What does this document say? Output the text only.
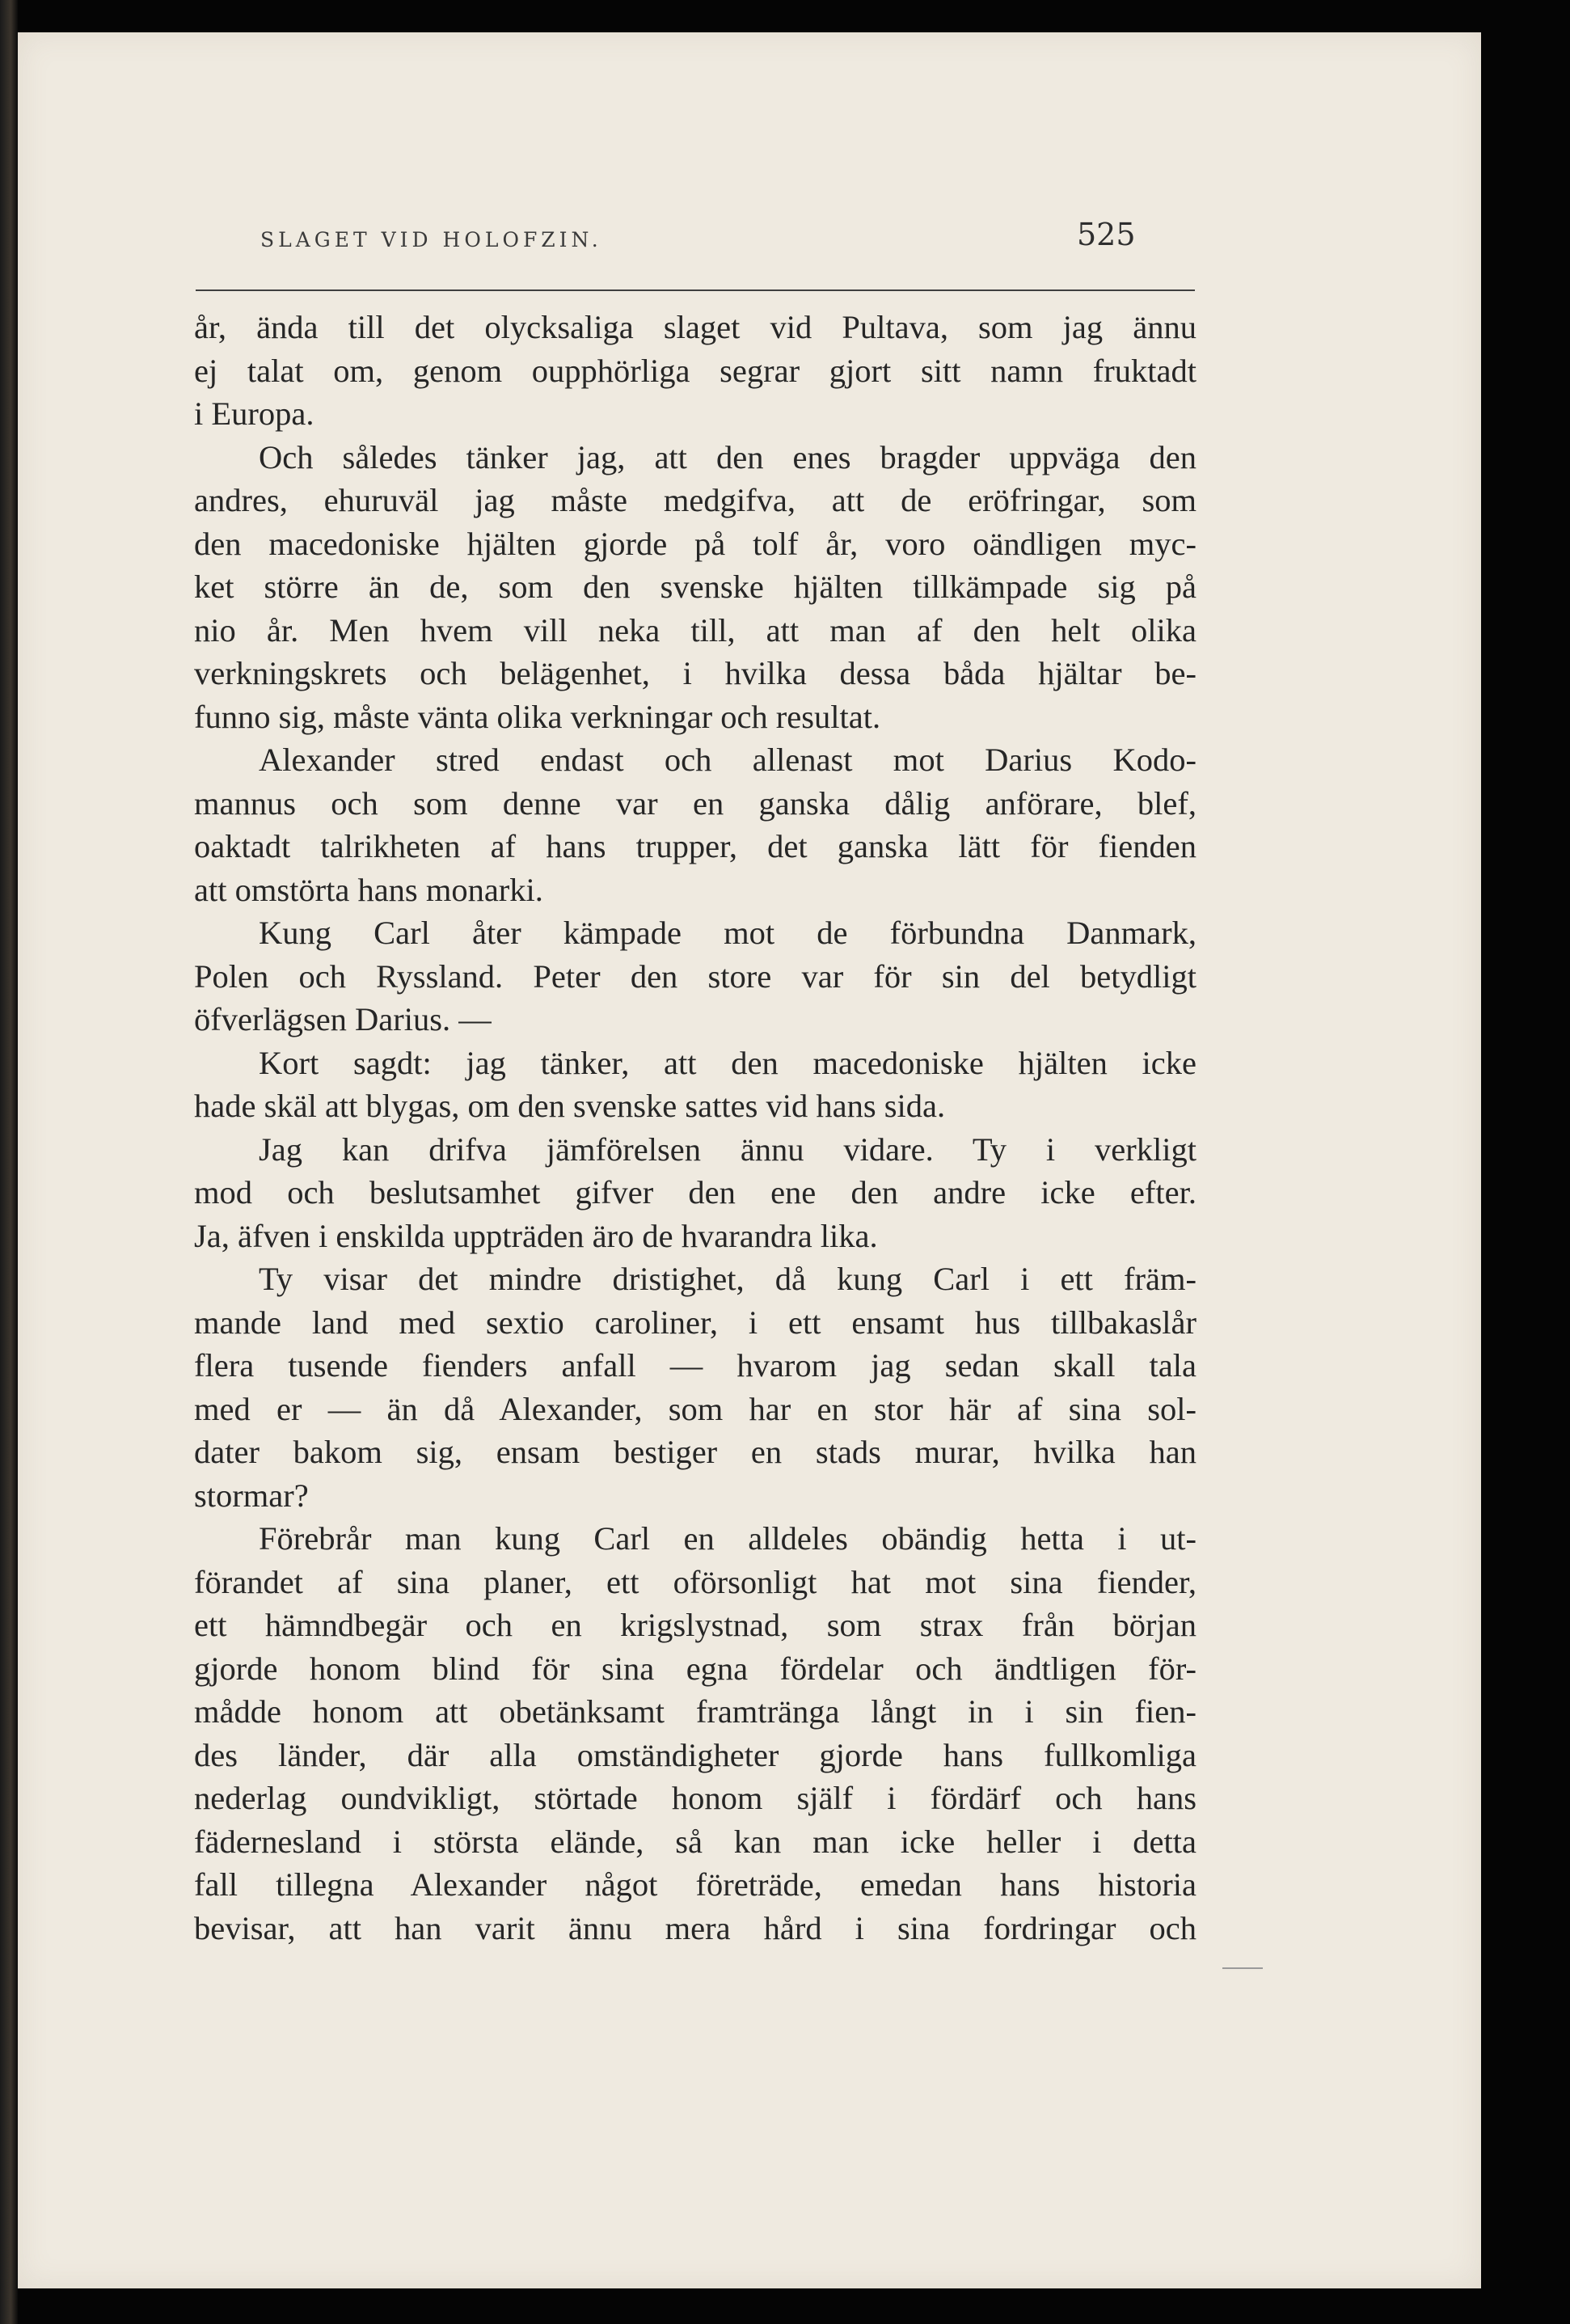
SLAGET VID HOLOFZIN.	525
år, ända till det olycksaliga slaget vid Pultava, som jag ännu
ej talat om, genom oupphörliga segrar gjort sitt namn fruktadt
i Europa.
Och således tänker jag, att den enes bragder uppväga den
andres, ehuruväl jag måste medgifva, att de eröfringar, som
den macedoniske hjälten gjorde på tolf år, voro oändligen myc-
ket större än de, som den svenske hjälten tillkämpade sig på
nio år. Men hvem vill neka till, att man af den helt olika
verkningskrets och belägenhet, i hvilka dessa båda hjältar be-
funno sig, måste vänta olika verkningar och resultat.
Alexander stred endast och allenast mot Darius Kodo-
mannus och som denne var en ganska dålig anförare, blef,
oaktadt talrikheten af hans trupper, det ganska lätt för fienden
att omstörta hans monarki.
Kung Carl åter kämpade mot de förbundna Danmark,
Polen och Ryssland. Peter den store var för sin del betydligt
öfverlägsen Darius. —
Kort sagdt: jag tänker, att den macedoniske hjälten icke
hade skäl att blygas, om den svenske sattes vid hans sida.
Jag kan drifva jämförelsen ännu vidare. Ty i verkligt
mod och beslutsamhet gifver den ene den andre icke efter.
Ja, äfven i enskilda uppträden äro de hvarandra lika.
Ty visar det mindre dristighet, då kung Carl i ett främ-
mande land med sextio caroliner, i ett ensamt hus tillbakaslår
flera tusende fienders anfall — hvarom jag sedan skall tala
med er — än då Alexander, som har en stor här af sina sol-
dater bakom sig, ensam bestiger en stads murar, hvilka han
stormar?
Förebrår man kung Carl en alldeles obändig hetta i ut-
förandet af sina planer, ett oförsonligt hat mot sina fiender,
ett hämndbegär och en krigslystnad, som strax från början
gjorde honom blind för sina egna fördelar och ändtligen för-
mådde honom att obetänksamt framtränga långt in i sin fien-
des länder, där alla omständigheter gjorde hans fullkomliga
nederlag oundvikligt, störtade honom själf i fördärf och hans
fädernesland i största elände, så kan man icke heller i detta
fall tillegna Alexander något företräde, emedan hans historia
bevisar, att han varit ännu mera hård i sina fordringar och
